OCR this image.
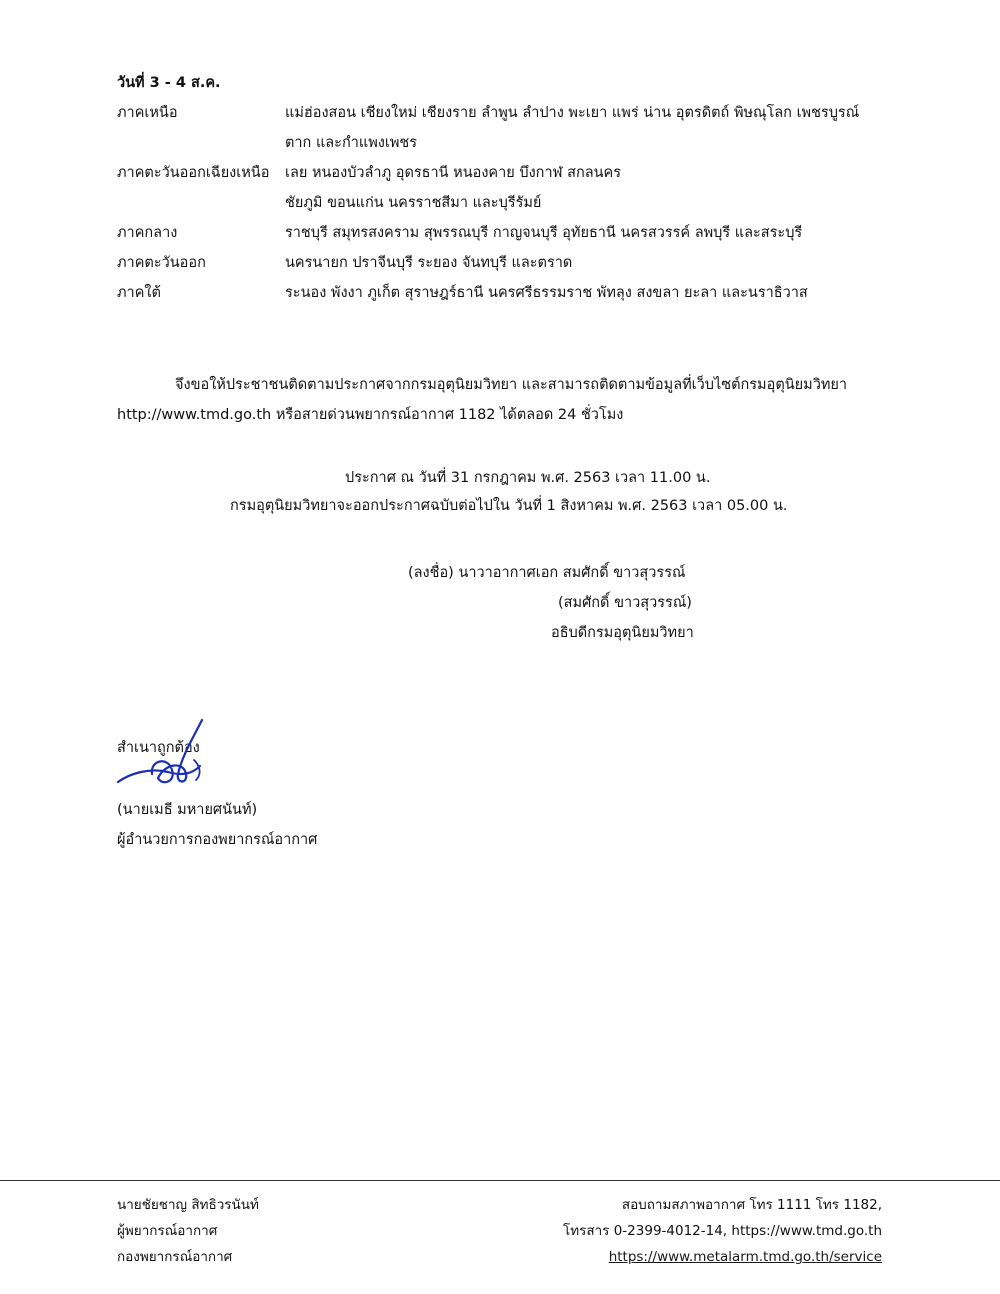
วันที่ 3 - 4 ส.ค.
ภาคเหนือ	แม่ฮ่องสอน เชียงใหม่ เชียงราย ลำพูน ลำปาง พะเยา แพร่ น่าน อุตรดิตถ์ พิษณุโลก เพชรบูรณ์
ตาก และกำแพงเพชร
ภาคตะวันออกเฉียงเหนือ เลย หนองบัวลำภู อุดรธานี หนองคาย บึงกาฬ สกลนคร
ชัยภูมิ ขอนแก่น นครราชสีมา และบุรีรัมย์
ภาคกลาง	ราชบุรี สมุทรสงคราม สุพรรณบุรี กาญจนบุรี อุทัยธานี นครสวรรค์ ลพบุรี และสระบุรี
ภาคตะวันออก	นครนายก ปราจีนบุรี ระยอง จันทบุรี และตราด
ภาคใต้	ระนอง พังงา ภูเก็ต สุราษฎร์ธานี นครศรีธรรมราช พัทลุง สงขลา ยะลา และนราธิวาส
จึงขอให้ประชาชนติดตามประกาศจากกรมอุตุนิยมวิทยา และสามารถติดตามข้อมูลที่เว็บไซต์กรมอุตุนิยมวิทยา
http://www.tmd.go.th หรือสายด่วนพยากรณ์อากาศ 1182 ได้ตลอด 24 ชั่วโมง
ประกาศ ณ วันที่ 31 กรกฎาคม พ.ศ. 2563 เวลา 11.00 น.
กรมอุตุนิยมวิทยาจะออกประกาศฉบับต่อไปใน วันที่ 1 สิงหาคม พ.ศ. 2563 เวลา 05.00 น.
(ลงชื่อ) นาวาอากาศเอก สมศักดิ์ ขาวสุวรรณ์
(สมศักดิ์ ขาวสุวรรณ์)
อธิบดีกรมอุตุนิยมวิทยา
สำเนาถูกต้อง
(นายเมธี มหายศนันท์)
ผู้อำนวยการกองพยากรณ์อากาศ
นายชัยชาญ สิทธิวรนันท์
ผู้พยากรณ์อากาศ
กองพยากรณ์อากาศ
สอบถามสภาพอากาศ โทร 1111 โทร 1182,
โทรสาร 0-2399-4012-14, https://www.tmd.go.th
https://www.metalarm.tmd.go.th/service
